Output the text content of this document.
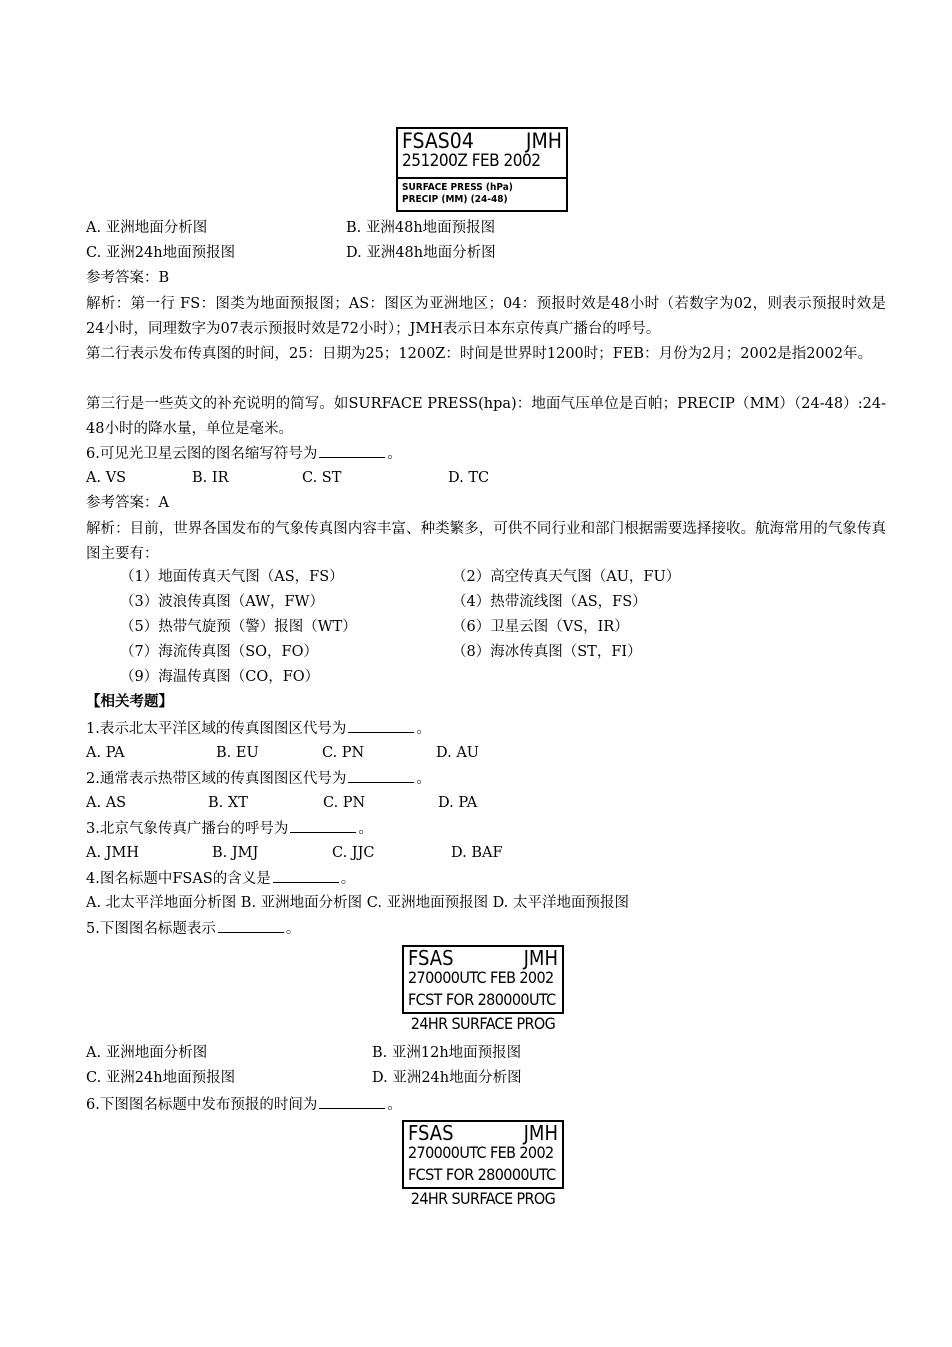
FSAS04 JMH
251200Z FEB 2002
SURFACE PRESS (hPa)
PRECIP (MM) (24-48)
A. 亚洲地面分析图	B. 亚洲48h地面预报图
C. 亚洲24h地面预报图	D. 亚洲48h地面分析图
参考答案：B
解析：第一行 FS：图类为地面预报图；AS：图区为亚洲地区；04：预报时效是48小时（若数字为02，则表示预报时效是24小时，同理数字为07表示预报时效是72小时）；JMH表示日本东京传真广播台的呼号。
第二行表示发布传真图的时间，25：日期为25；1200Z：时间是世界时1200时；FEB：月份为2月；2002是指2002年。
第三行是一些英文的补充说明的简写。如SURFACE PRESS(hpa)：地面气压单位是百帕；PRECIP（MM）（24-48）:24-48小时的降水量，单位是毫米。
6.可见光卫星云图的图名缩写符号为	。
A. VS	B. IR	C. ST	D. TC
参考答案：A
解析：目前，世界各国发布的气象传真图内容丰富、种类繁多，可供不同行业和部门根据需要选择接收。航海常用的气象传真图主要有：
（1）地面传真天气图（AS，FS）	（2）高空传真天气图（AU，FU）
（3）波浪传真图（AW，FW）	（4）热带流线图（AS，FS）
（5）热带气旋预（警）报图（WT）	（6）卫星云图（VS，IR）
（7）海流传真图（SO，FO）	（8）海冰传真图（ST，FI）
（9）海温传真图（CO，FO）
【相关考题】
1.表示北太平洋区域的传真图图区代号为	。
A. PA	B. EU	C. PN	D. AU
2.通常表示热带区域的传真图图区代号为	。
A. AS	B. XT	C. PN	D. PA
3.北京气象传真广播台的呼号为	。
A. JMH	B. JMJ	C. JJC	D. BAF
4.图名标题中FSAS的含义是	。
A. 北太平洋地面分析图 B. 亚洲地面分析图 C. 亚洲地面预报图 D. 太平洋地面预报图
5.下图图名标题表示	。
FSAS	JMH
270000UTC FEB 2002
FCST FOR 280000UTC
24HR SURFACE PROG
A. 亚洲地面分析图	B. 亚洲12h地面预报图
C. 亚洲24h地面预报图	D. 亚洲24h地面分析图
6.下图图名标题中发布预报的时间为	。
FSAS	JMH
270000UTC FEB 2002
FCST FOR 280000UTC
24HR SURFACE PROG
